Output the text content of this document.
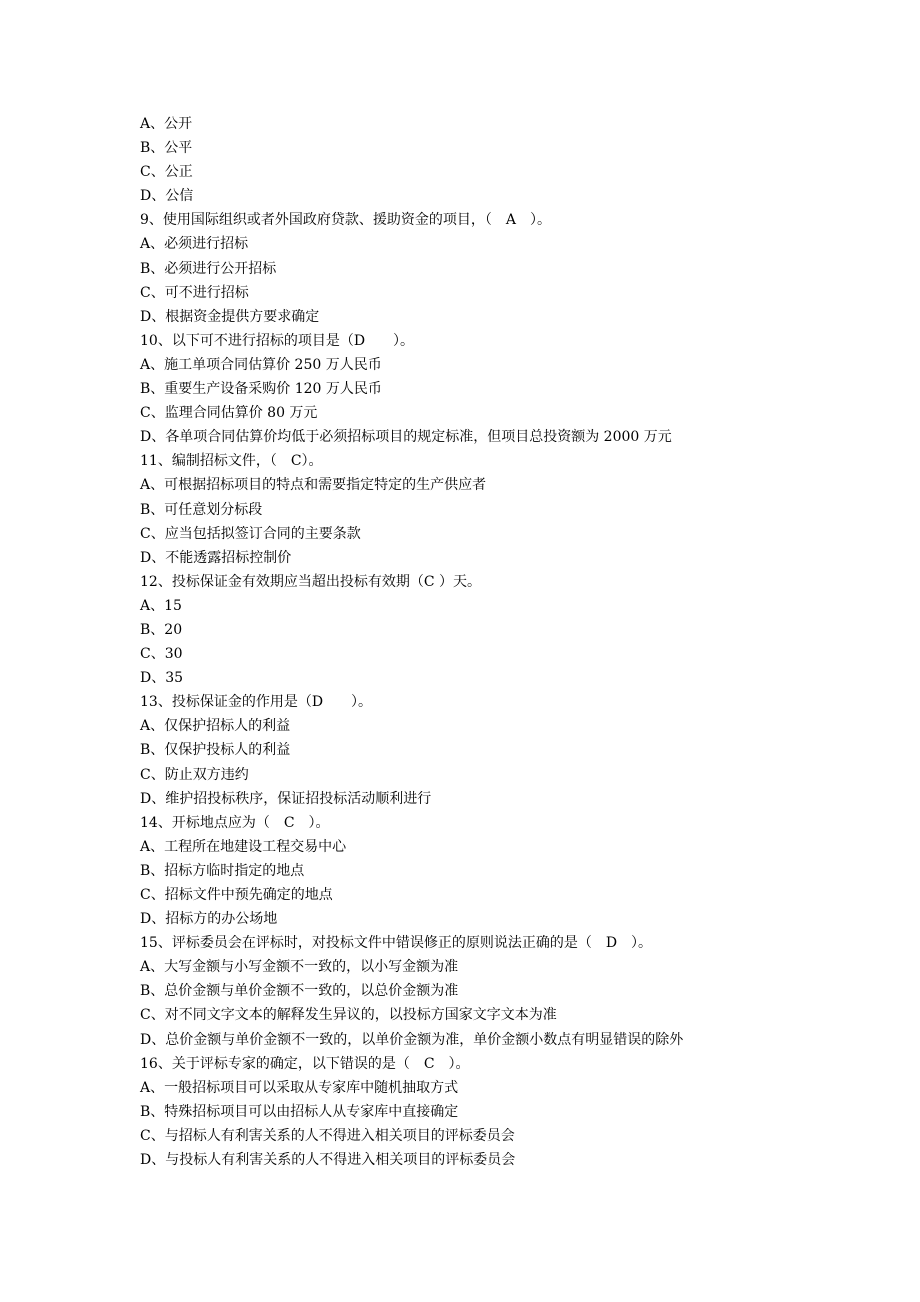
A、公开
B、公平
C、公正
D、公信
9、使用国际组织或者外国政府贷款、援助资金的项目，（　A　）。
A、必须进行招标
B、必须进行公开招标
C、可不进行招标
D、根据资金提供方要求确定
10、以下可不进行招标的项目是（D　　）。
A、施工单项合同估算价 250 万人民币
B、重要生产设备采购价 120 万人民币
C、监理合同估算价 80 万元
D、各单项合同估算价均低于必须招标项目的规定标准，但项目总投资额为 2000 万元
11、编制招标文件，（　C）。
A、可根据招标项目的特点和需要指定特定的生产供应者
B、可任意划分标段
C、应当包括拟签订合同的主要条款
D、不能透露招标控制价
12、投标保证金有效期应当超出投标有效期（C ）天。
A、15
B、20
C、30
D、35
13、投标保证金的作用是（D　　）。
A、仅保护招标人的利益
B、仅保护投标人的利益
C、防止双方违约
D、维护招投标秩序，保证招投标活动顺利进行
14、开标地点应为（　C　）。
A、工程所在地建设工程交易中心
B、招标方临时指定的地点
C、招标文件中预先确定的地点
D、招标方的办公场地
15、评标委员会在评标时，对投标文件中错误修正的原则说法正确的是（　D　）。
A、大写金额与小写金额不一致的，以小写金额为准
B、总价金额与单价金额不一致的，以总价金额为准
C、对不同文字文本的解释发生异议的，以投标方国家文字文本为准
D、总价金额与单价金额不一致的，以单价金额为准，单价金额小数点有明显错误的除外
16、关于评标专家的确定，以下错误的是（　C　）。
A、一般招标项目可以采取从专家库中随机抽取方式
B、特殊招标项目可以由招标人从专家库中直接确定
C、与招标人有利害关系的人不得进入相关项目的评标委员会
D、与投标人有利害关系的人不得进入相关项目的评标委员会
